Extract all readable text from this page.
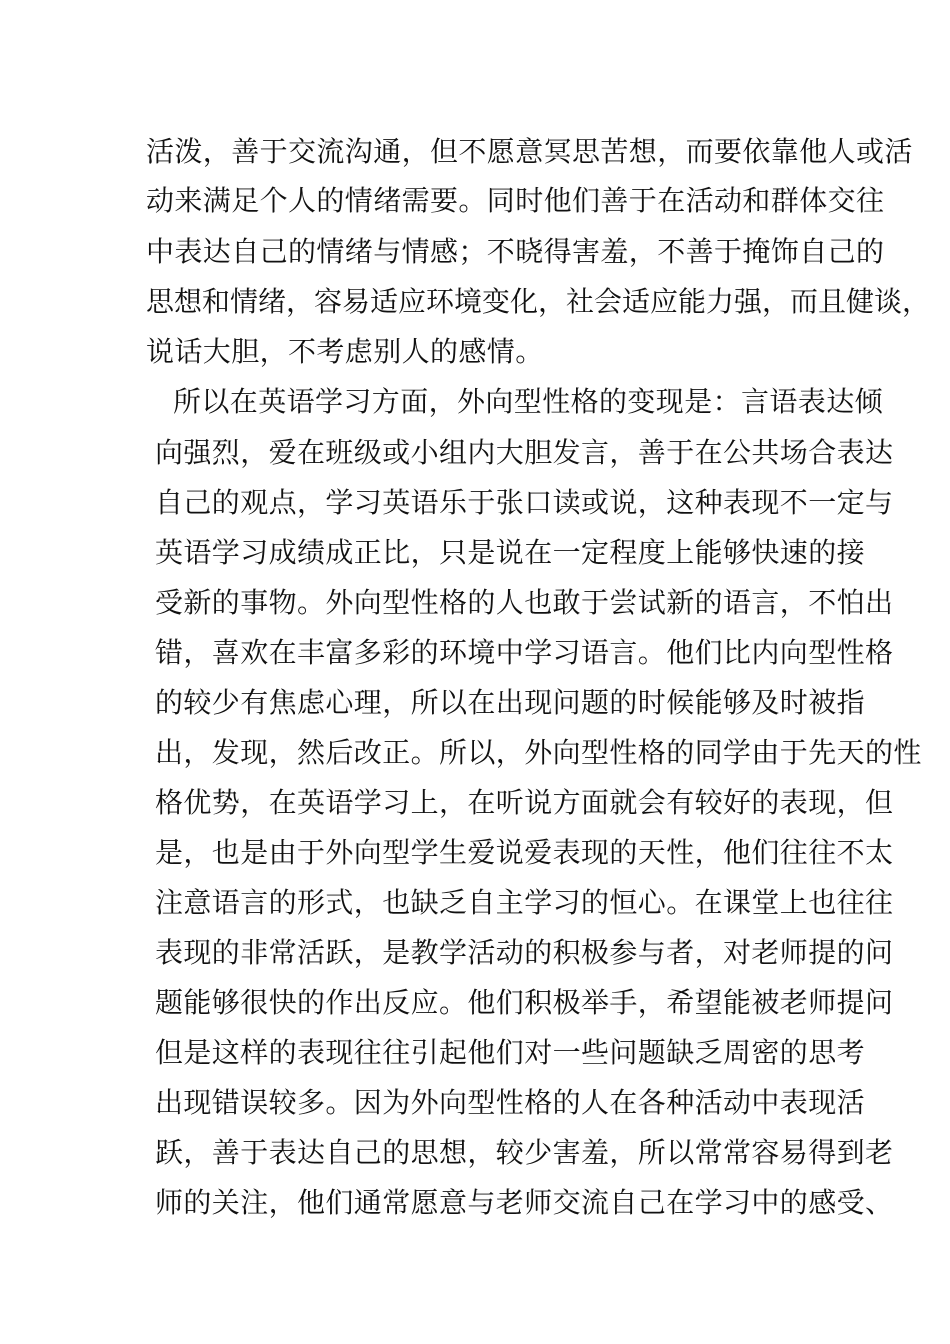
活泼，善于交流沟通，但不愿意冥思苦想，而要依靠他人或活
动来满足个人的情绪需要。同时他们善于在活动和群体交往
中表达自己的情绪与情感；不晓得害羞，不善于掩饰自己的
思想和情绪，容易适应环境变化，社会适应能力强，而且健谈，
说话大胆，不考虑别人的感情。
所以在英语学习方面，外向型性格的变现是：言语表达倾
向强烈，爱在班级或小组内大胆发言，善于在公共场合表达
自己的观点，学习英语乐于张口读或说，这种表现不一定与
英语学习成绩成正比，只是说在一定程度上能够快速的接
受新的事物。外向型性格的人也敢于尝试新的语言，不怕出
错，喜欢在丰富多彩的环境中学习语言。他们比内向型性格
的较少有焦虑心理，所以在出现问题的时候能够及时被指
出，发现，然后改正。所以，外向型性格的同学由于先天的性
格优势，在英语学习上，在听说方面就会有较好的表现，但
是，也是由于外向型学生爱说爱表现的天性，他们往往不太
注意语言的形式，也缺乏自主学习的恒心。在课堂上也往往
表现的非常活跃，是教学活动的积极参与者，对老师提的问
题能够很快的作出反应。他们积极举手，希望能被老师提问
但是这样的表现往往引起他们对一些问题缺乏周密的思考
出现错误较多。因为外向型性格的人在各种活动中表现活
跃，善于表达自己的思想，较少害羞，所以常常容易得到老
师的关注，他们通常愿意与老师交流自己在学习中的感受、
